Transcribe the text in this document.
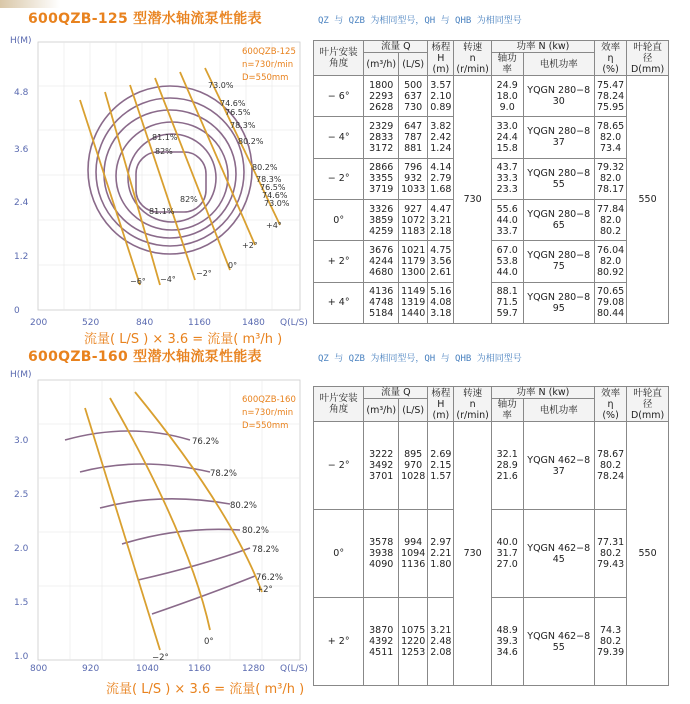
600QZB-125 型潜水轴流泵性能表	QZ 与 QZB 为相同型号，QH 与 QHB 为相同型号
73.0%
74.6%
76.5%
78.3%
80.2%
81.1%
82%
80.2%
78.3%
76.5%
74.6%
73.0%
82%
81.1%
+4°
+2°
0°
−2°
−4°
−6°
H(M)
4.8
3.6
2.4
1.2
0
200	520	840	1160	1480 Q(L/S)
600QZB-125
n=730r/min
D=550mm
流量( L/S ) × 3.6 = 流量( m³/h )
叶片安装角度	流量 Q		杨程
H
(m)	转速
n
(r/min)	功率 N (kw)		效率
η
(%)	叶轮直径
D(mm)

	(m³/h)	(L/S)			轴功率	电机功率		
− 6°	1800
2293
2628	500
637
730	3.57
2.10
0.89	730	24.9
18.0
9.0	YQGN 280−8 30	75.47
78.24
75.95	550
− 4°	2329
2833
3172	647
787
881	3.82
2.42
1.24		33.0
24.4
15.8	YQGN 280−8 37	78.65
82.0
73.4	

− 2°	2866
3355
3719	796
932
1033	4.14
2.79
1.68		43.7
33.3
23.3	YQGN 280−8 55	79.32
82.0
78.17	

0°	3326
3859
4259	927
1072
1183	4.47
3.21
2.18		55.6
44.0
33.7	YQGN 280−8 65	77.84
82.0
80.2	

+ 2°	3676
4244
4680	1021
1179
1300	4.75
3.56
2.61		67.0
53.8
44.0	YQGN 280−8 75	76.04
82.0
80.92	

+ 4°	4136
4748
5184	1149
1319
1440	5.16
4.08
3.18		88.1
71.5
59.7	YQGN 280−8 95	70.65
79.08
80.44	
600QZB-160 型潜水轴流泵性能表	QZ 与 QZB 为相同型号，QH 与 QHB 为相同型号
76.2%
78.2%
80.2%
80.2%
78.2%
76.2%
+2°
0°
−2°
H(M)
3.0
2.5
2.0
1.5
1.0
800	920	1040	1160	1280 Q(L/S)
600QZB-160
n=730r/min
D=550mm
流量( L/S ) × 3.6 = 流量( m³/h )
叶片安装角度	流量 Q		杨程
H
(m)	转速
n
(r/min)	功率 N (kw)		效率
η
(%)	叶轮直径
D(mm)

	(m³/h)	(L/S)			轴功率	电机功率		
− 2°	3222
3492
3701	895
970
1028	2.69
2.15
1.57	730	32.1
28.9
21.6	YQGN 462−8 37	78.67
80.2
78.24	550
0°	3578
3938
4090	994
1094
1136	2.97
2.21
1.80		40.0
31.7
27.0	YQGN 462−8 45	77.31
80.2
79.43	

+ 2°	3870
4392
4511	1075
1220
1253	3.21
2.48
2.08		48.9
39.3
34.6	YQGN 462−8 55	74.3
80.2
79.39	
